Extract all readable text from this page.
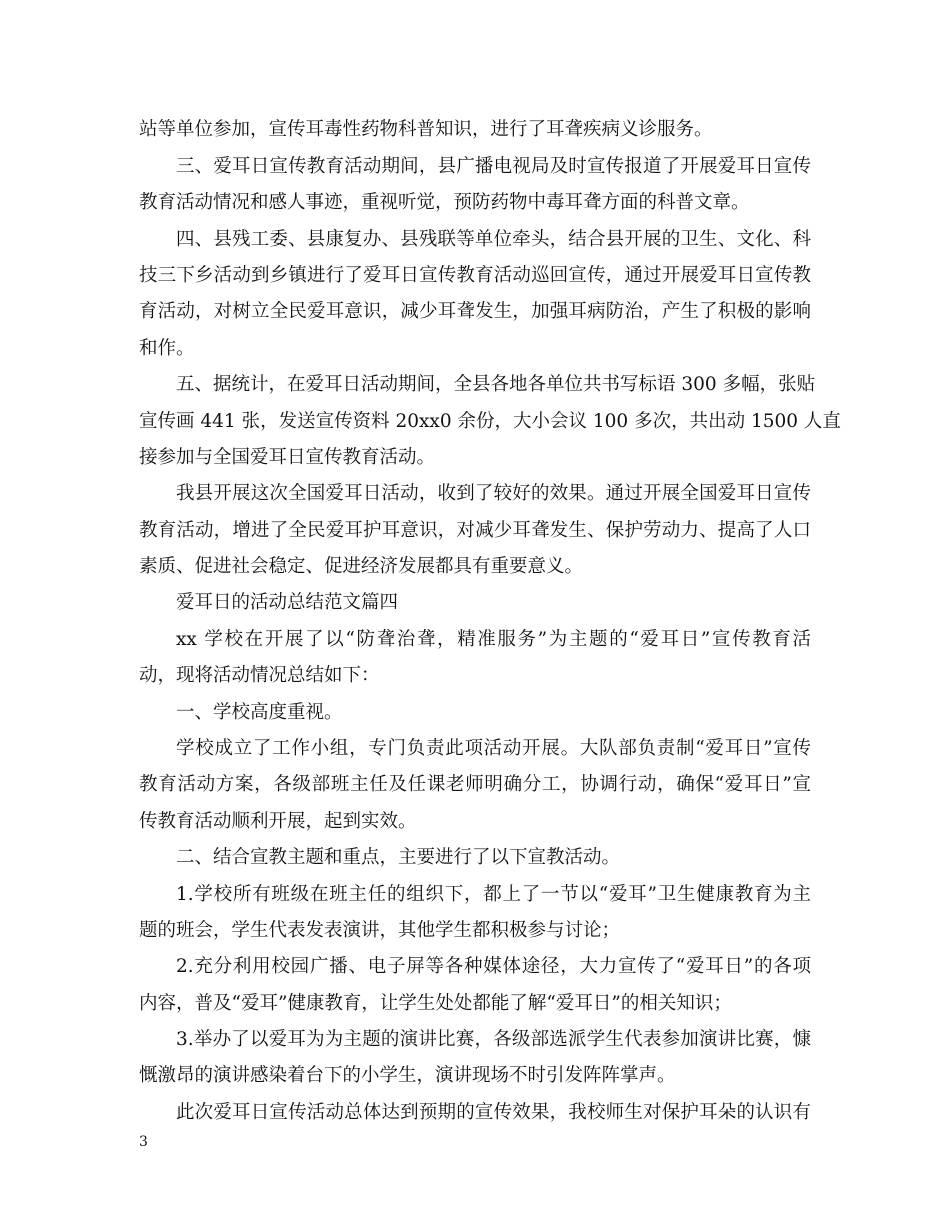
站等单位参加，宣传耳毒性药物科普知识，进行了耳聋疾病义诊服务。
三、爱耳日宣传教育活动期间，县广播电视局及时宣传报道了开展爱耳日宣传
教育活动情况和感人事迹，重视听觉，预防药物中毒耳聋方面的科普文章。
四、县残工委、县康复办、县残联等单位牵头，结合县开展的卫生、文化、科
技三下乡活动到乡镇进行了爱耳日宣传教育活动巡回宣传，通过开展爱耳日宣传教
育活动，对树立全民爱耳意识，减少耳聋发生，加强耳病防治，产生了积极的影响
和作。
五、据统计，在爱耳日活动期间，全县各地各单位共书写标语 300 多幅，张贴
宣传画 441 张，发送宣传资料 20xx0 余份，大小会议 100 多次，共出动 1500 人直
接参加与全国爱耳日宣传教育活动。
我县开展这次全国爱耳日活动，收到了较好的效果。通过开展全国爱耳日宣传
教育活动，增进了全民爱耳护耳意识，对减少耳聋发生、保护劳动力、提高了人口
素质、促进社会稳定、促进经济发展都具有重要意义。
爱耳日的活动总结范文篇四
xx 学校在开展了以“防聋治聋，精准服务”为主题的“爱耳日”宣传教育活
动，现将活动情况总结如下：
一、学校高度重视。
学校成立了工作小组，专门负责此项活动开展。大队部负责制“爱耳日”宣传
教育活动方案，各级部班主任及任课老师明确分工，协调行动，确保“爱耳日”宣
传教育活动顺利开展，起到实效。
二、结合宣教主题和重点，主要进行了以下宣教活动。
1.学校所有班级在班主任的组织下，都上了一节以“爱耳”卫生健康教育为主
题的班会，学生代表发表演讲，其他学生都积极参与讨论；
2.充分利用校园广播、电子屏等各种媒体途径，大力宣传了“爱耳日”的各项
内容，普及“爱耳”健康教育，让学生处处都能了解“爱耳日”的相关知识；
3.举办了以爱耳为为主题的演讲比赛，各级部选派学生代表参加演讲比赛，慷
慨激昂的演讲感染着台下的小学生，演讲现场不时引发阵阵掌声。
此次爱耳日宣传活动总体达到预期的宣传效果，我校师生对保护耳朵的认识有
3
